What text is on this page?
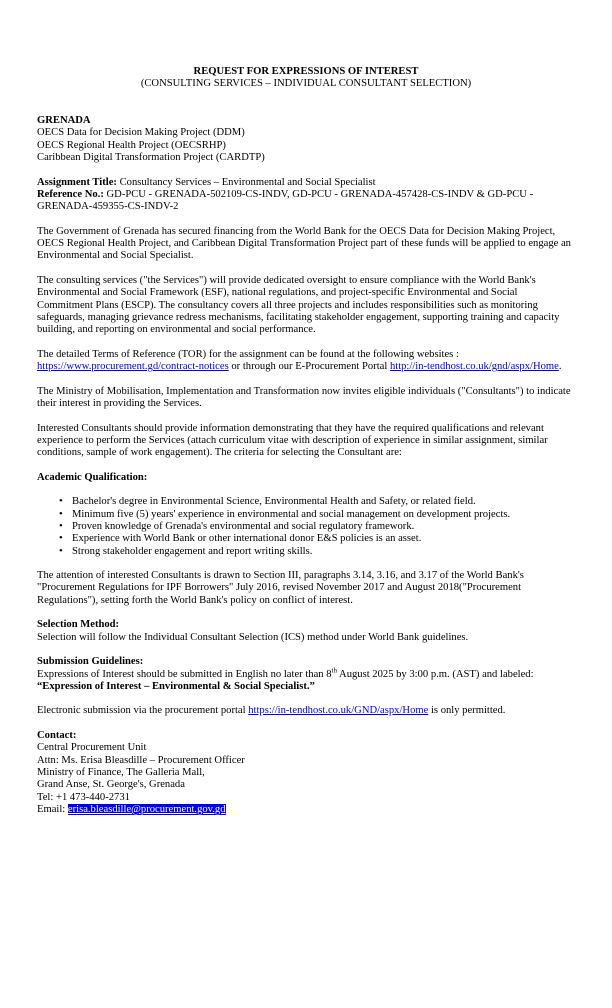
REQUEST FOR EXPRESSIONS OF INTEREST

(CONSULTING SERVICES – INDIVIDUAL CONSULTANT SELECTION)

GRENADA

OECS Data for Decision Making Project (DDM)

OECS Regional Health Project (OECSRHP)

Caribbean Digital Transformation Project (CARDTP)

Assignment Title: Consultancy Services – Environmental and Social Specialist

Reference No.: GD-PCU - GRENADA-502109-CS-INDV, GD-PCU - GRENADA-457428-CS-INDV & GD-PCU - GRENADA-459355-CS-INDV-2

The Government of Grenada has secured financing from the World Bank for the OECS Data for Decision Making Project, OECS Regional Health Project, and Caribbean Digital Transformation Project part of these funds will be applied to engage an Environmental and Social Specialist.

The consulting services ("the Services") will provide dedicated oversight to ensure compliance with the World Bank's Environmental and Social Framework (ESF), national regulations, and project-specific Environmental and Social Commitment Plans (ESCP). The consultancy covers all three projects and includes responsibilities such as monitoring safeguards, managing grievance redress mechanisms, facilitating stakeholder engagement, supporting training and capacity building, and reporting on environmental and social performance.

The detailed Terms of Reference (TOR) for the assignment can be found at the following websites : https://www.procurement.gd/contract-notices or through our E-Procurement Portal http://in-tendhost.co.uk/gnd/aspx/Home.

The Ministry of Mobilisation, Implementation and Transformation now invites eligible individuals ("Consultants") to indicate their interest in providing the Services.

Interested Consultants should provide information demonstrating that they have the required qualifications and relevant experience to perform the Services (attach curriculum vitae with description of experience in similar assignment, similar conditions, sample of work engagement). The criteria for selecting the Consultant are:

Academic Qualification:

• Bachelor's degree in Environmental Science, Environmental Health and Safety, or related field.
• Minimum five (5) years' experience in environmental and social management on development projects.
• Proven knowledge of Grenada's environmental and social regulatory framework.
• Experience with World Bank or other international donor E&S policies is an asset.
• Strong stakeholder engagement and report writing skills.

The attention of interested Consultants is drawn to Section III, paragraphs 3.14, 3.16, and 3.17 of the World Bank's "Procurement Regulations for IPF Borrowers" July 2016, revised November 2017 and August 2018("Procurement Regulations"), setting forth the World Bank's policy on conflict of interest.

Selection Method:

Selection will follow the Individual Consultant Selection (ICS) method under World Bank guidelines.

Submission Guidelines:

Expressions of Interest should be submitted in English no later than 8th August 2025 by 3:00 p.m. (AST) and labeled: “Expression of Interest – Environmental & Social Specialist.”

Electronic submission via the procurement portal https://in-tendhost.co.uk/GND/aspx/Home is only permitted.

Contact:

Central Procurement Unit

Attn: Ms. Erisa Bleasdille – Procurement Officer

Ministry of Finance, The Galleria Mall,

Grand Anse, St. George's, Grenada

Tel: +1 473-440-2731

Email: erisa.bleasdille@procurement.gov.gd
